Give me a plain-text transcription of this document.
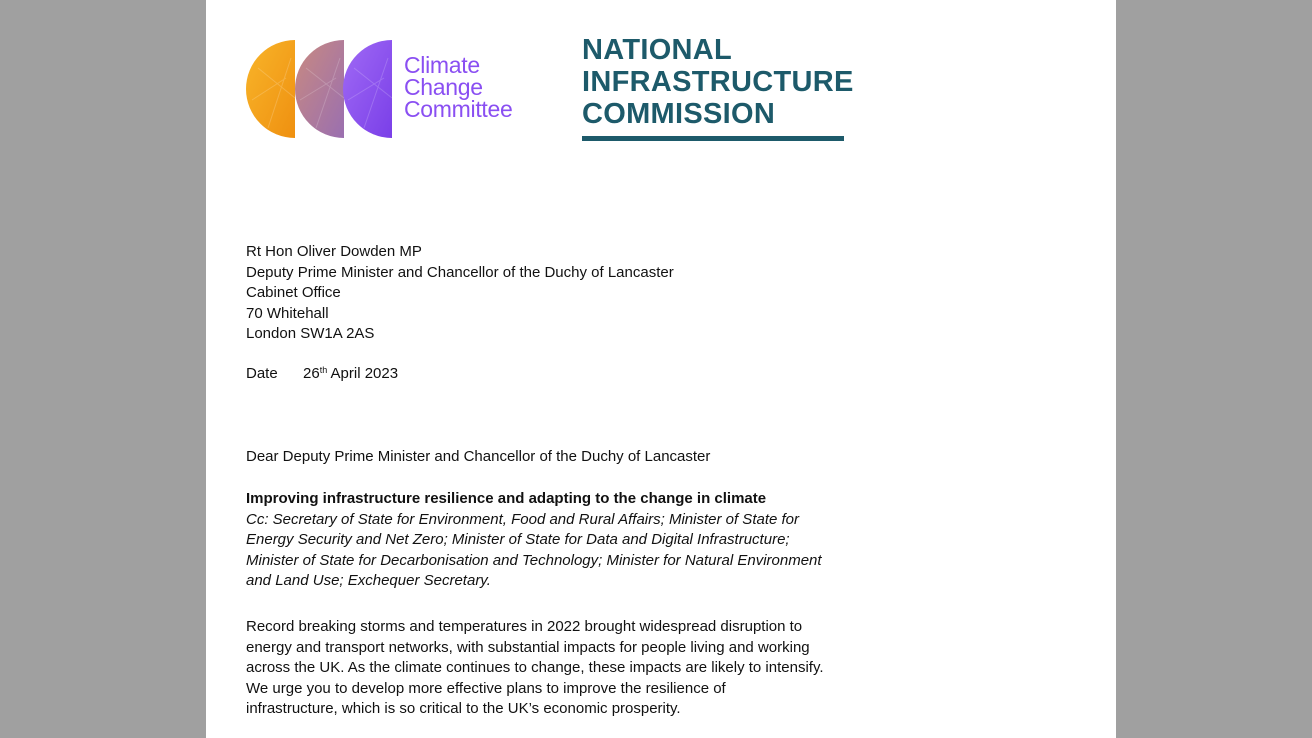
Climate
Change
Committee
NATIONAL
INFRASTRUCTURE
COMMISSION
Rt Hon Oliver Dowden MP
Deputy Prime Minister and Chancellor of the Duchy of Lancaster
Cabinet Office
70 Whitehall
London SW1A 2AS
Date 26th April 2023
Dear Deputy Prime Minister and Chancellor of the Duchy of Lancaster
Improving infrastructure resilience and adapting to the change in climate
Cc: Secretary of State for Environment, Food and Rural Affairs; Minister of State for
Energy Security and Net Zero; Minister of State for Data and Digital Infrastructure;
Minister of State for Decarbonisation and Technology; Minister for Natural Environment
and Land Use; Exchequer Secretary.
Record breaking storms and temperatures in 2022 brought widespread disruption to
energy and transport networks, with substantial impacts for people living and working
across the UK. As the climate continues to change, these impacts are likely to intensify.
We urge you to develop more effective plans to improve the resilience of
infrastructure, which is so critical to the UK’s economic prosperity.
